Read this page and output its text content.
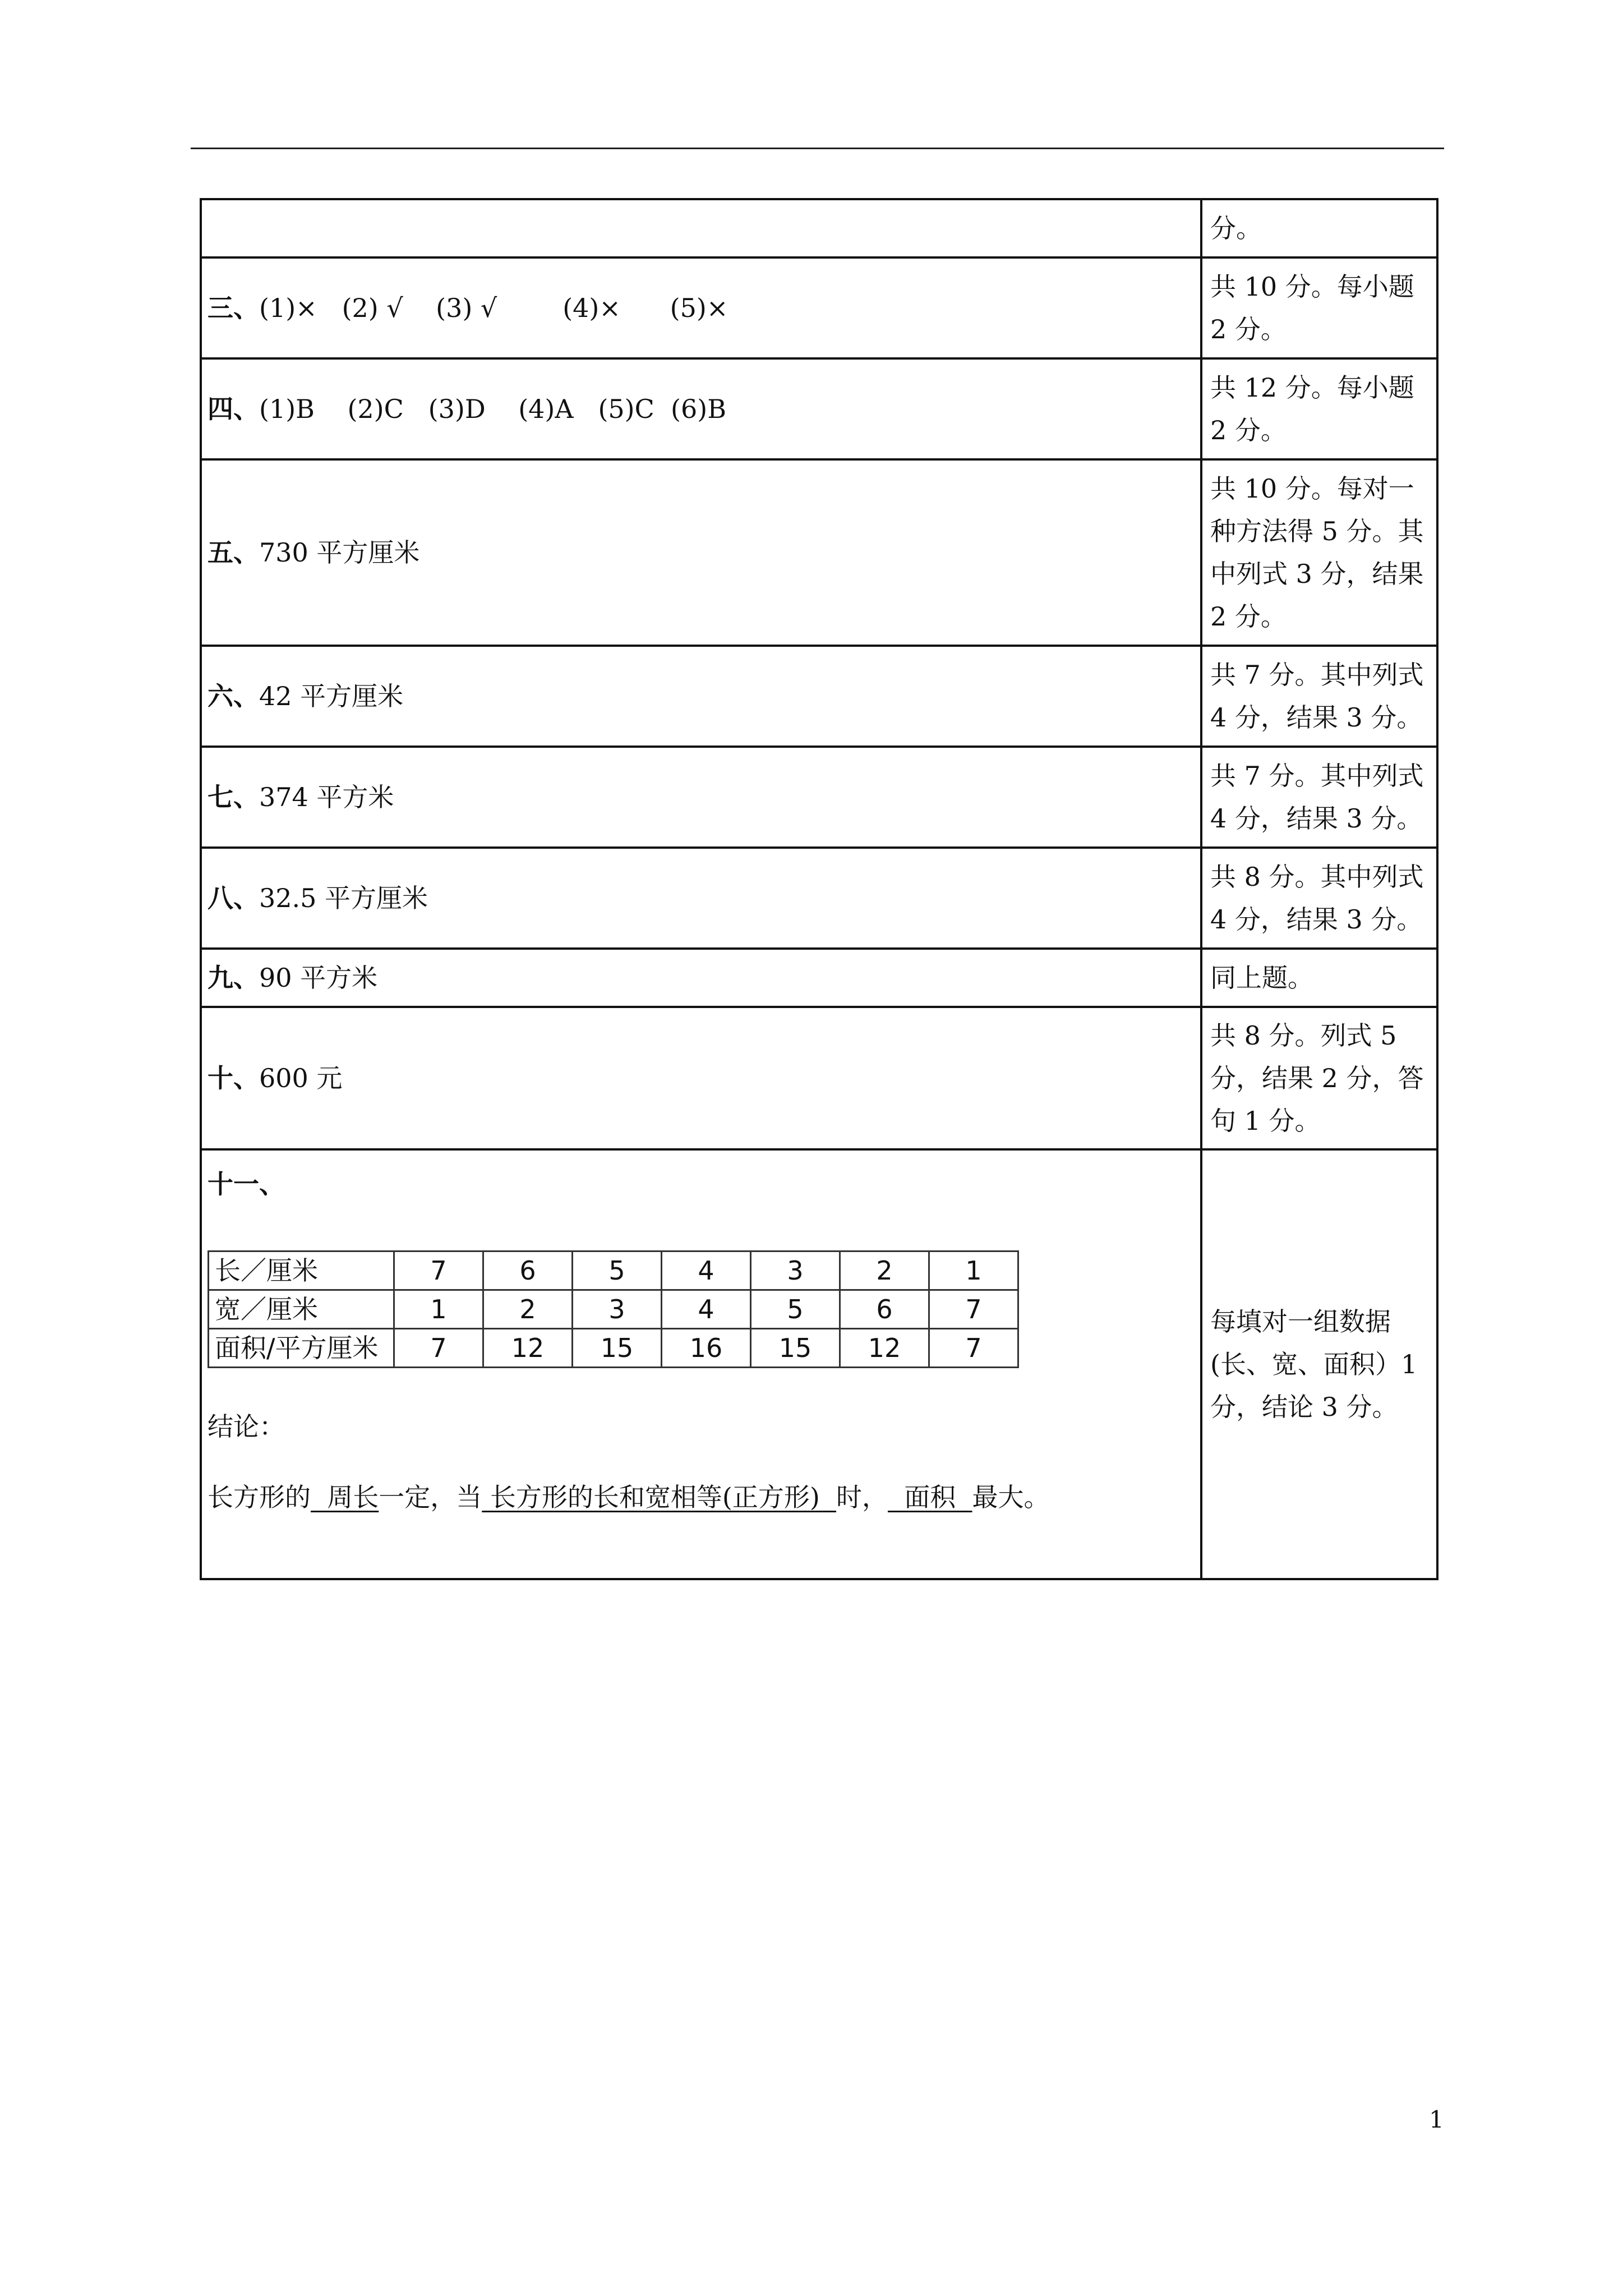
	分。
三、(1)×   (2) √    (3) √        (4)×      (5)×	共 10 分。每小题 2 分。
四、(1)B    (2)C   (3)D    (4)A   (5)C  (6)B	共 12 分。每小题 2 分。
五、730 平方厘米	共 10 分。每对一种方法得 5 分。其中列式 3 分，结果 2 分。
六、42 平方厘米	共 7 分。其中列式 4 分，结果 3 分。
七、374 平方米	共 7 分。其中列式 4 分，结果 3 分。
八、32.5 平方厘米	共 8 分。其中列式 4 分，结果 3 分。
九、90 平方米	同上题。
十、600 元	共 8 分。列式 5 分，结果 2 分，答句 1 分。

十一、
长／厘米	7	6	5	4	3	2	1
宽／厘米	1	2	3	4	5	6	7
面积/平方厘米	7	12	15	16	15	12	7
结论：
长方形的  周长一定，当 长方形的长和宽相等(正方形)  时，  面积  最大。
	每填对一组数据(长、宽、面积）1 分，结论 3 分。
1
